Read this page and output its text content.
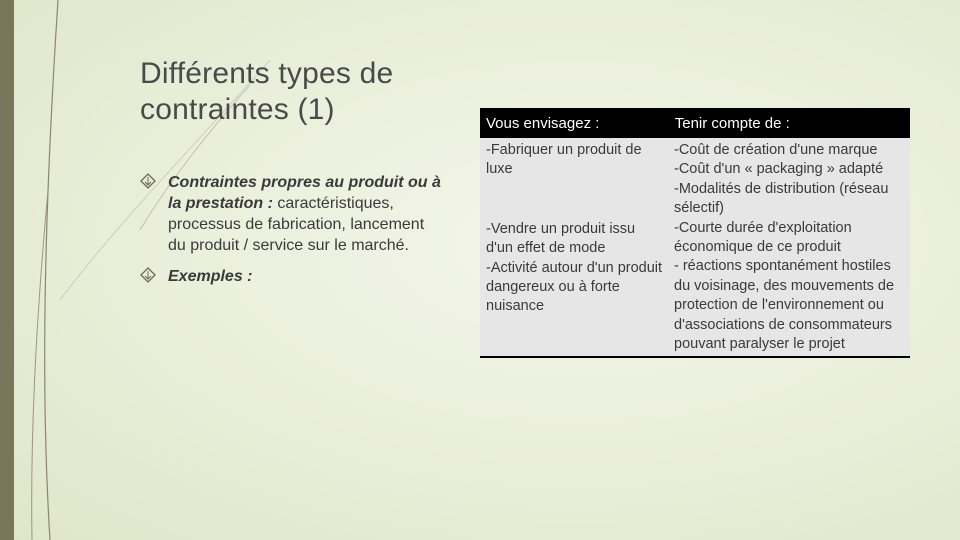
Différents types de contraintes (1)
Contraintes propres au produit ou à la prestation : caractéristiques, processus de fabrication, lancement du produit / service sur le marché.
Exemples :
Vous envisagez :	Tenir compte de :
-Fabriquer un produit de luxe
-Vendre un produit issu d'un effet de mode
-Activité autour d'un produit dangereux ou à forte nuisance
-Coût de création d'une marque
-Coût d'un « packaging » adapté
-Modalités de distribution (réseau sélectif)
-Courte durée d'exploitation économique de ce produit
- réactions spontanément hostiles du voisinage, des mouvements de protection de l'environnement ou d'associations de consommateurs pouvant paralyser le projet
